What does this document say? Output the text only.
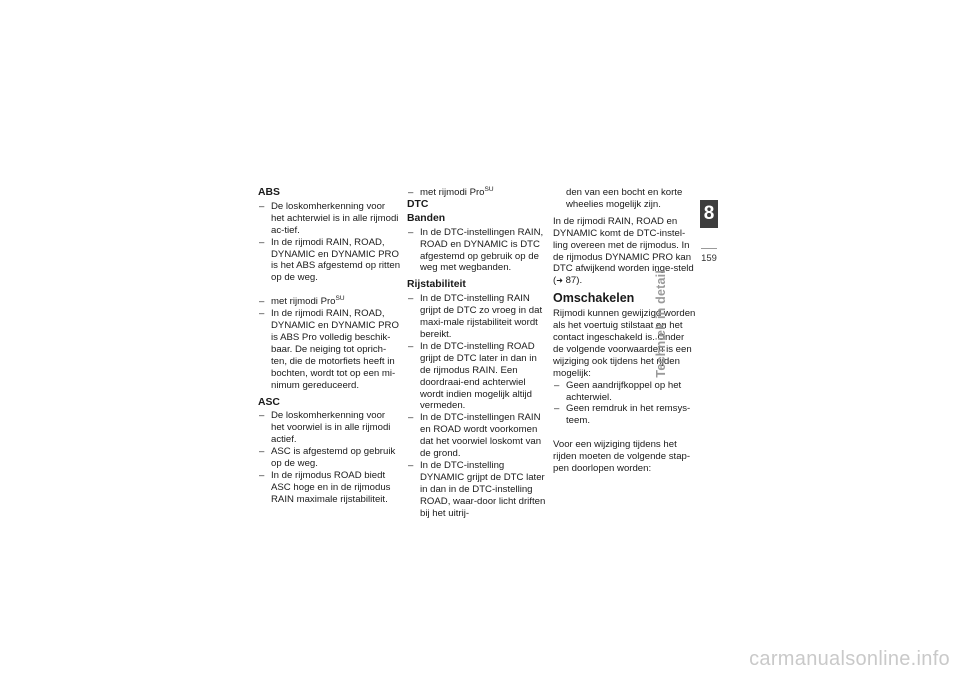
ABS
– De loskomherkenning voor het achterwiel is in alle rijmodi ac-tief.
– In de rijmodi RAIN, ROAD, DYNAMIC en DYNAMIC PRO is het ABS afgestemd op ritten op de weg.
– met rijmodi Pro$^{SU}$
– In de rijmodi RAIN, ROAD, DYNAMIC en DYNAMIC PRO is ABS Pro volledig beschik-baar. De neiging tot oprich-ten, die de motorfiets heeft in bochten, wordt tot op een mi-nimum gereduceerd.
ASC
– De loskomherkenning voor het voorwiel is in alle rijmodi actief.
– ASC is afgestemd op gebruik op de weg.
– In de rijmodus ROAD biedt ASC hoge en in de rijmodus RAIN maximale rijstabiliteit.
– met rijmodi Pro$^{SU}$
DTC
Banden
– In de DTC-instellingen RAIN, ROAD en DYNAMIC is DTC afgestemd op gebruik op de weg met wegbanden.
Rijstabiliteit
– In de DTC-instelling RAIN grijpt de DTC zo vroeg in dat maxi-male rijstabiliteit wordt bereikt.
– In de DTC-instelling ROAD grijpt de DTC later in dan in de rijmodus RAIN. Een doordraai-end achterwiel wordt indien mogelijk altijd vermeden.
– In de DTC-instellingen RAIN en ROAD wordt voorkomen dat het voorwiel loskomt van de grond.
– In de DTC-instelling DYNAMIC grijpt de DTC later in dan in de DTC-instelling ROAD, waar-door licht driften bij het uitrij-
den van een bocht en korte wheelies mogelijk zijn.
In de rijmodi RAIN, ROAD en DYNAMIC komt de DTC-instel-ling overeen met de rijmodus. In de rijmodus DYNAMIC PRO kan DTC afwijkend worden inge-steld (➜ 87).
Omschakelen
Rijmodi kunnen gewijzigd worden als het voertuig stilstaat en het contact ingeschakeld is. Onder de volgende voorwaarden is een wijziging ook tijdens het rijden mogelijk:
– Geen aandrijfkoppel op het achterwiel.
– Geen remdruk in het remsys-teem.
Voor een wijziging tijdens het rijden moeten de volgende stap-pen doorlopen worden:
8
159
Techniek in detail
carmanualsonline.info
